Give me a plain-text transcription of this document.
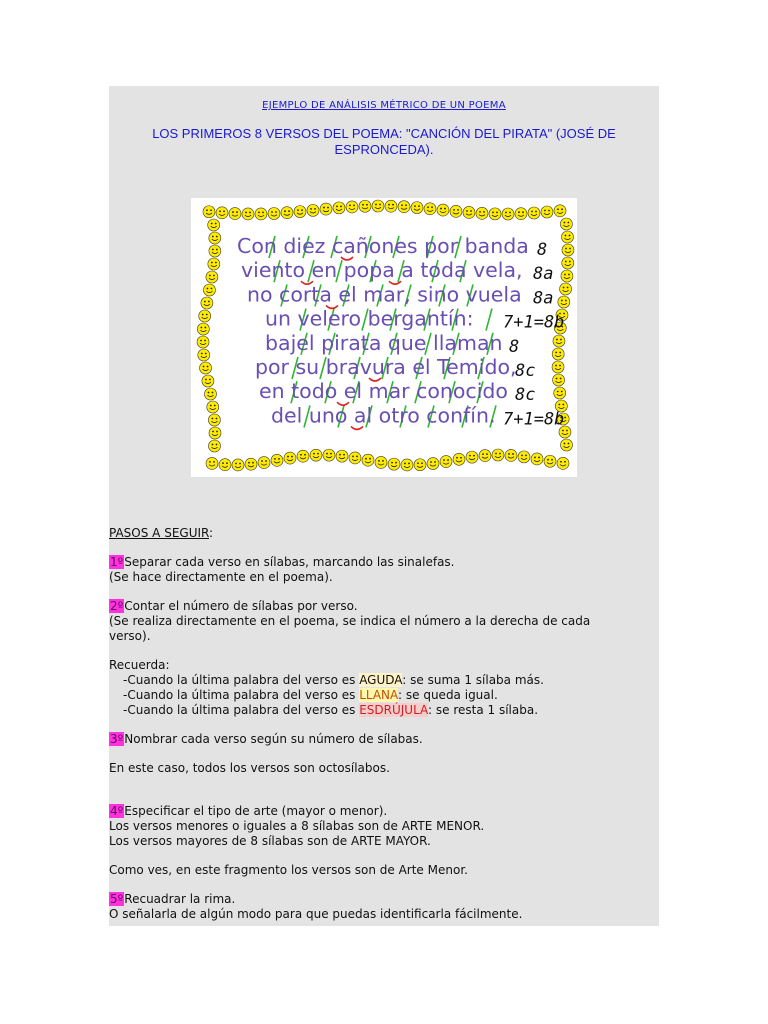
EJEMPLO DE ANÁLISIS MÉTRICO DE UN POEMA
LOS PRIMEROS 8 VERSOS DEL POEMA: "CANCIÓN DEL PIRATA" (JOSÉ DE ESPRONCEDA).
Con diez cañones por banda
viento en popa a toda vela,
no corta el mar, sino vuela
un velero bergantín:
bajel pirata que llaman
por su bravura el Temido,
en todo el mar conocido
del uno al otro confín.
8
8a
8a
7+1=8b
8
8c
8c
7+1=8b

PASOS A SEGUIR:

1ºSeparar cada verso en sílabas, marcando las sinalefas.

(Se hace directamente en el poema).

2ºContar el número de sílabas por verso.

(Se realiza directamente en el poema, se indica el número a la derecha de cada

verso).

Recuerda:

-Cuando la última palabra del verso es AGUDA: se suma 1 sílaba más.

-Cuando la última palabra del verso es LLANA: se queda igual.

-Cuando la última palabra del verso es ESDRÚJULA: se resta 1 sílaba.

3ºNombrar cada verso según su número de sílabas.

En este caso, todos los versos son octosílabos.

4ºEspecificar el tipo de arte (mayor o menor).

Los versos menores o iguales a 8 sílabas son de ARTE MENOR.

Los versos mayores de 8 sílabas son de ARTE MAYOR.

Como ves, en este fragmento los versos son de Arte Menor.

5ºRecuadrar la rima.

O señalarla de algún modo para que puedas identificarla fácilmente.
